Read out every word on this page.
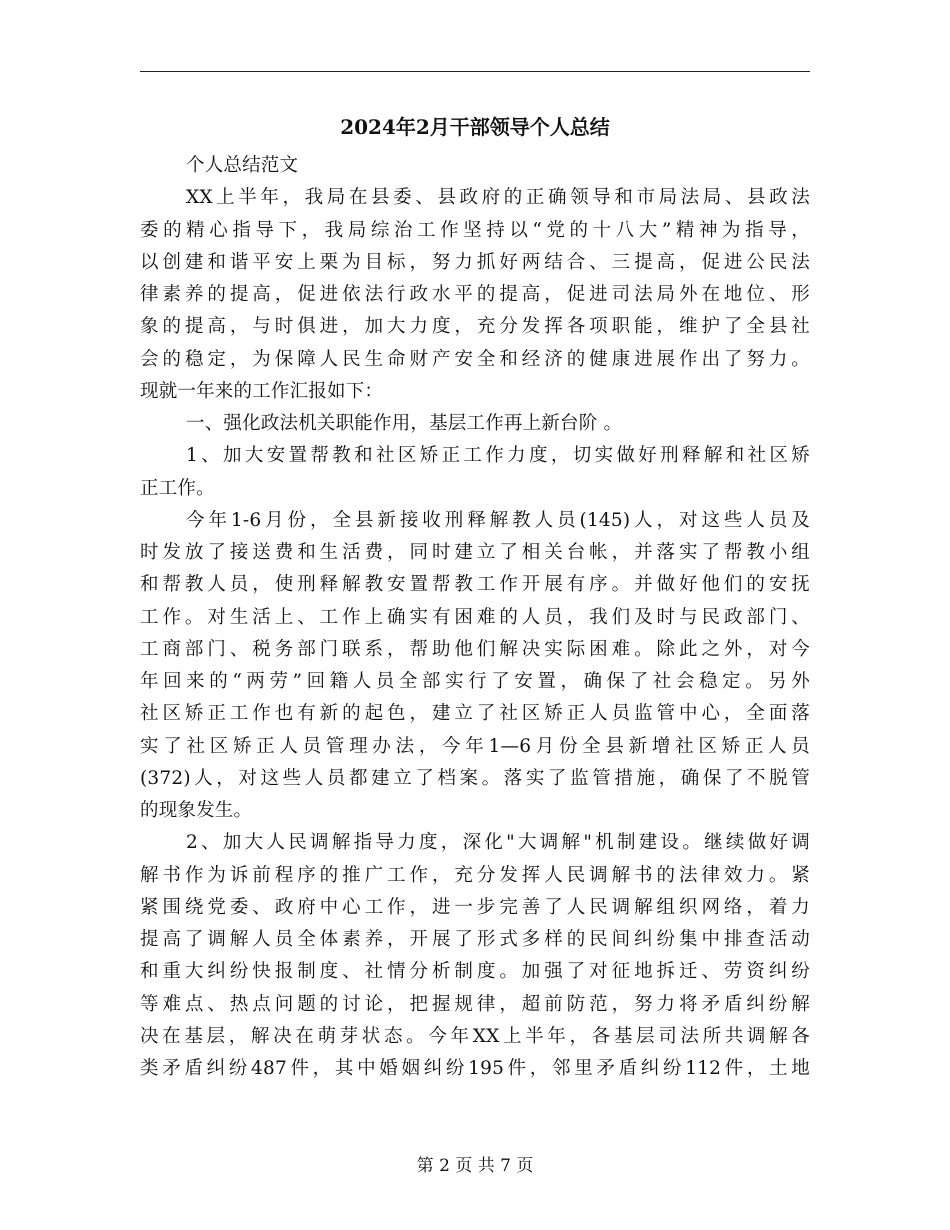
2024年2月干部领导个人总结
个人总结范文
XX上半年，我局在县委、县政府的正确领导和市局法局、县政法
委的精心指导下，我局综治工作坚持以“党的十八大”精神为指导，
以创建和谐平安上栗为目标，努力抓好两结合、三提高，促进公民法
律素养的提高，促进依法行政水平的提高，促进司法局外在地位、形
象的提高，与时俱进，加大力度，充分发挥各项职能，维护了全县社
会的稳定，为保障人民生命财产安全和经济的健康进展作出了努力。
现就一年来的工作汇报如下：
一、强化政法机关职能作用，基层工作再上新台阶 。
1、加大安置帮教和社区矫正工作力度，切实做好刑释解和社区矫
正工作。
今年1-6月份，全县新接收刑释解教人员(145)人，对这些人员及
时发放了接送费和生活费，同时建立了相关台帐，并落实了帮教小组
和帮教人员，使刑释解教安置帮教工作开展有序。并做好他们的安抚
工作。对生活上、工作上确实有困难的人员，我们及时与民政部门、
工商部门、税务部门联系，帮助他们解决实际困难。除此之外，对今
年回来的“两劳”回籍人员全部实行了安置，确保了社会稳定。另外
社区矫正工作也有新的起色，建立了社区矫正人员监管中心，全面落
实了社区矫正人员管理办法，今年1—6月份全县新增社区矫正人员
(372)人，对这些人员都建立了档案。落实了监管措施，确保了不脱管
的现象发生。
2、加大人民调解指导力度，深化"大调解"机制建设。继续做好调
解书作为诉前程序的推广工作，充分发挥人民调解书的法律效力。紧
紧围绕党委、政府中心工作，进一步完善了人民调解组织网络，着力
提高了调解人员全体素养，开展了形式多样的民间纠纷集中排查活动
和重大纠纷快报制度、社情分析制度。加强了对征地拆迁、劳资纠纷
等难点、热点问题的讨论，把握规律，超前防范，努力将矛盾纠纷解
决在基层，解决在萌芽状态。今年XX上半年，各基层司法所共调解各
类矛盾纠纷487件，其中婚姻纠纷195件，邻里矛盾纠纷112件，土地
第 2 页 共 7 页
